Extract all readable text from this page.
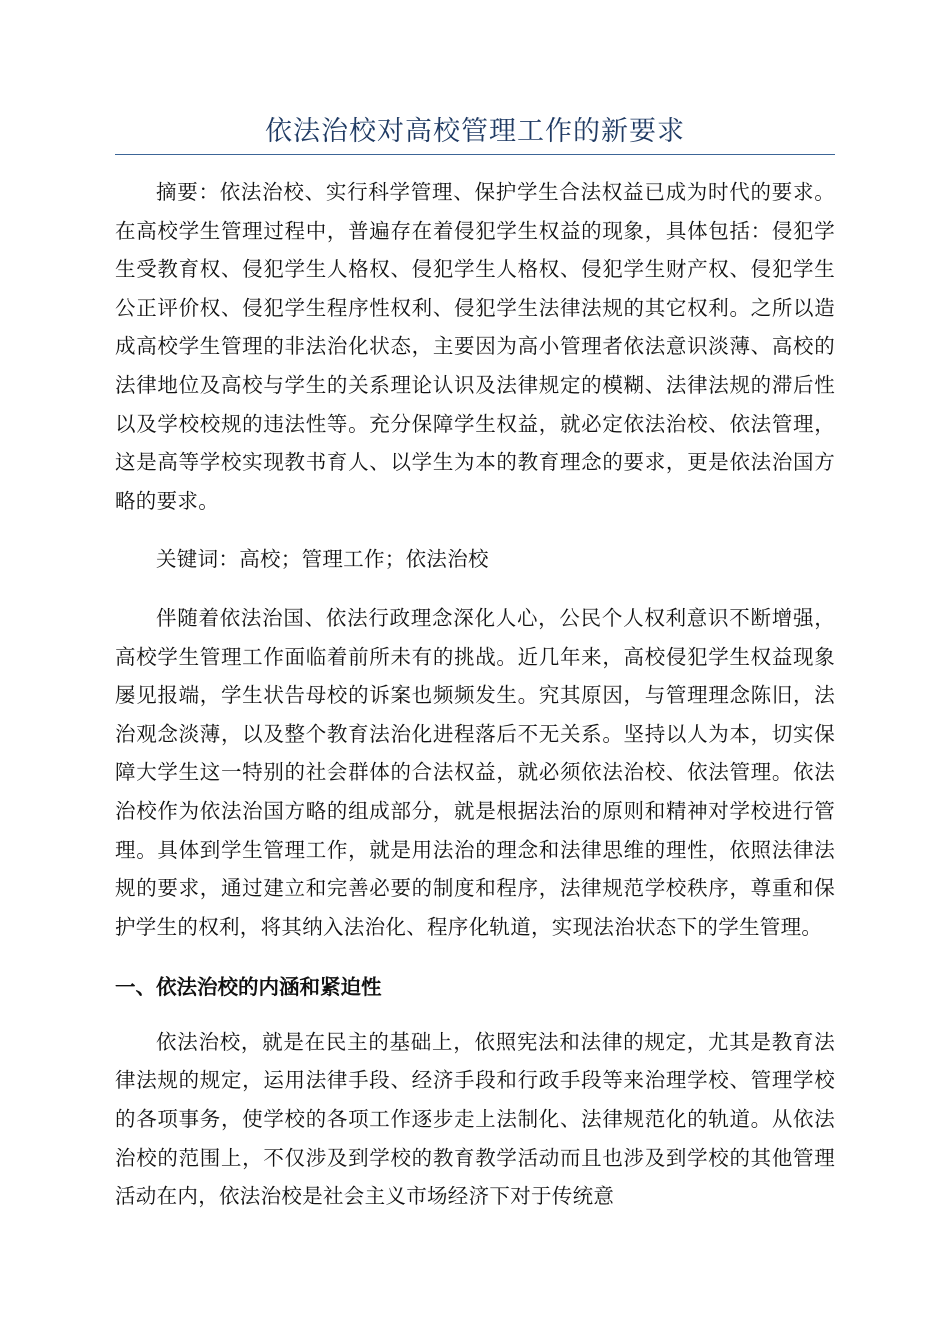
依法治校对高校管理工作的新要求

摘要：依法治校、实行科学管理、保护学生合法权益已成为时代的要求。在高校学生管理过程中，普遍存在着侵犯学生权益的现象，具体包括：侵犯学生受教育权、侵犯学生人格权、侵犯学生人格权、侵犯学生财产权、侵犯学生公正评价权、侵犯学生程序性权利、侵犯学生法律法规的其它权利。之所以造成高校学生管理的非法治化状态，主要因为高小管理者依法意识淡薄、高校的法律地位及高校与学生的关系理论认识及法律规定的模糊、法律法规的滞后性以及学校校规的违法性等。充分保障学生权益，就必定依法治校、依法管理，这是高等学校实现教书育人、以学生为本的教育理念的要求，更是依法治国方略的要求。

关键词：高校；管理工作；依法治校

伴随着依法治国、依法行政理念深化人心，公民个人权利意识不断增强，高校学生管理工作面临着前所未有的挑战。近几年来，高校侵犯学生权益现象屡见报端，学生状告母校的诉案也频频发生。究其原因，与管理理念陈旧，法治观念淡薄，以及整个教育法治化进程落后不无关系。坚持以人为本，切实保障大学生这一特别的社会群体的合法权益，就必须依法治校、依法管理。依法治校作为依法治国方略的组成部分，就是根据法治的原则和精神对学校进行管理。具体到学生管理工作，就是用法治的理念和法律思维的理性，依照法律法规的要求，通过建立和完善必要的制度和程序，法律规范学校秩序，尊重和保护学生的权利，将其纳入法治化、程序化轨道，实现法治状态下的学生管理。

一、依法治校的内涵和紧迫性

依法治校，就是在民主的基础上，依照宪法和法律的规定，尤其是教育法律法规的规定，运用法律手段、经济手段和行政手段等来治理学校、管理学校的各项事务，使学校的各项工作逐步走上法制化、法律规范化的轨道。从依法治校的范围上，不仅涉及到学校的教育教学活动而且也涉及到学校的其他管理活动在内，依法治校是社会主义市场经济下对于传统意
